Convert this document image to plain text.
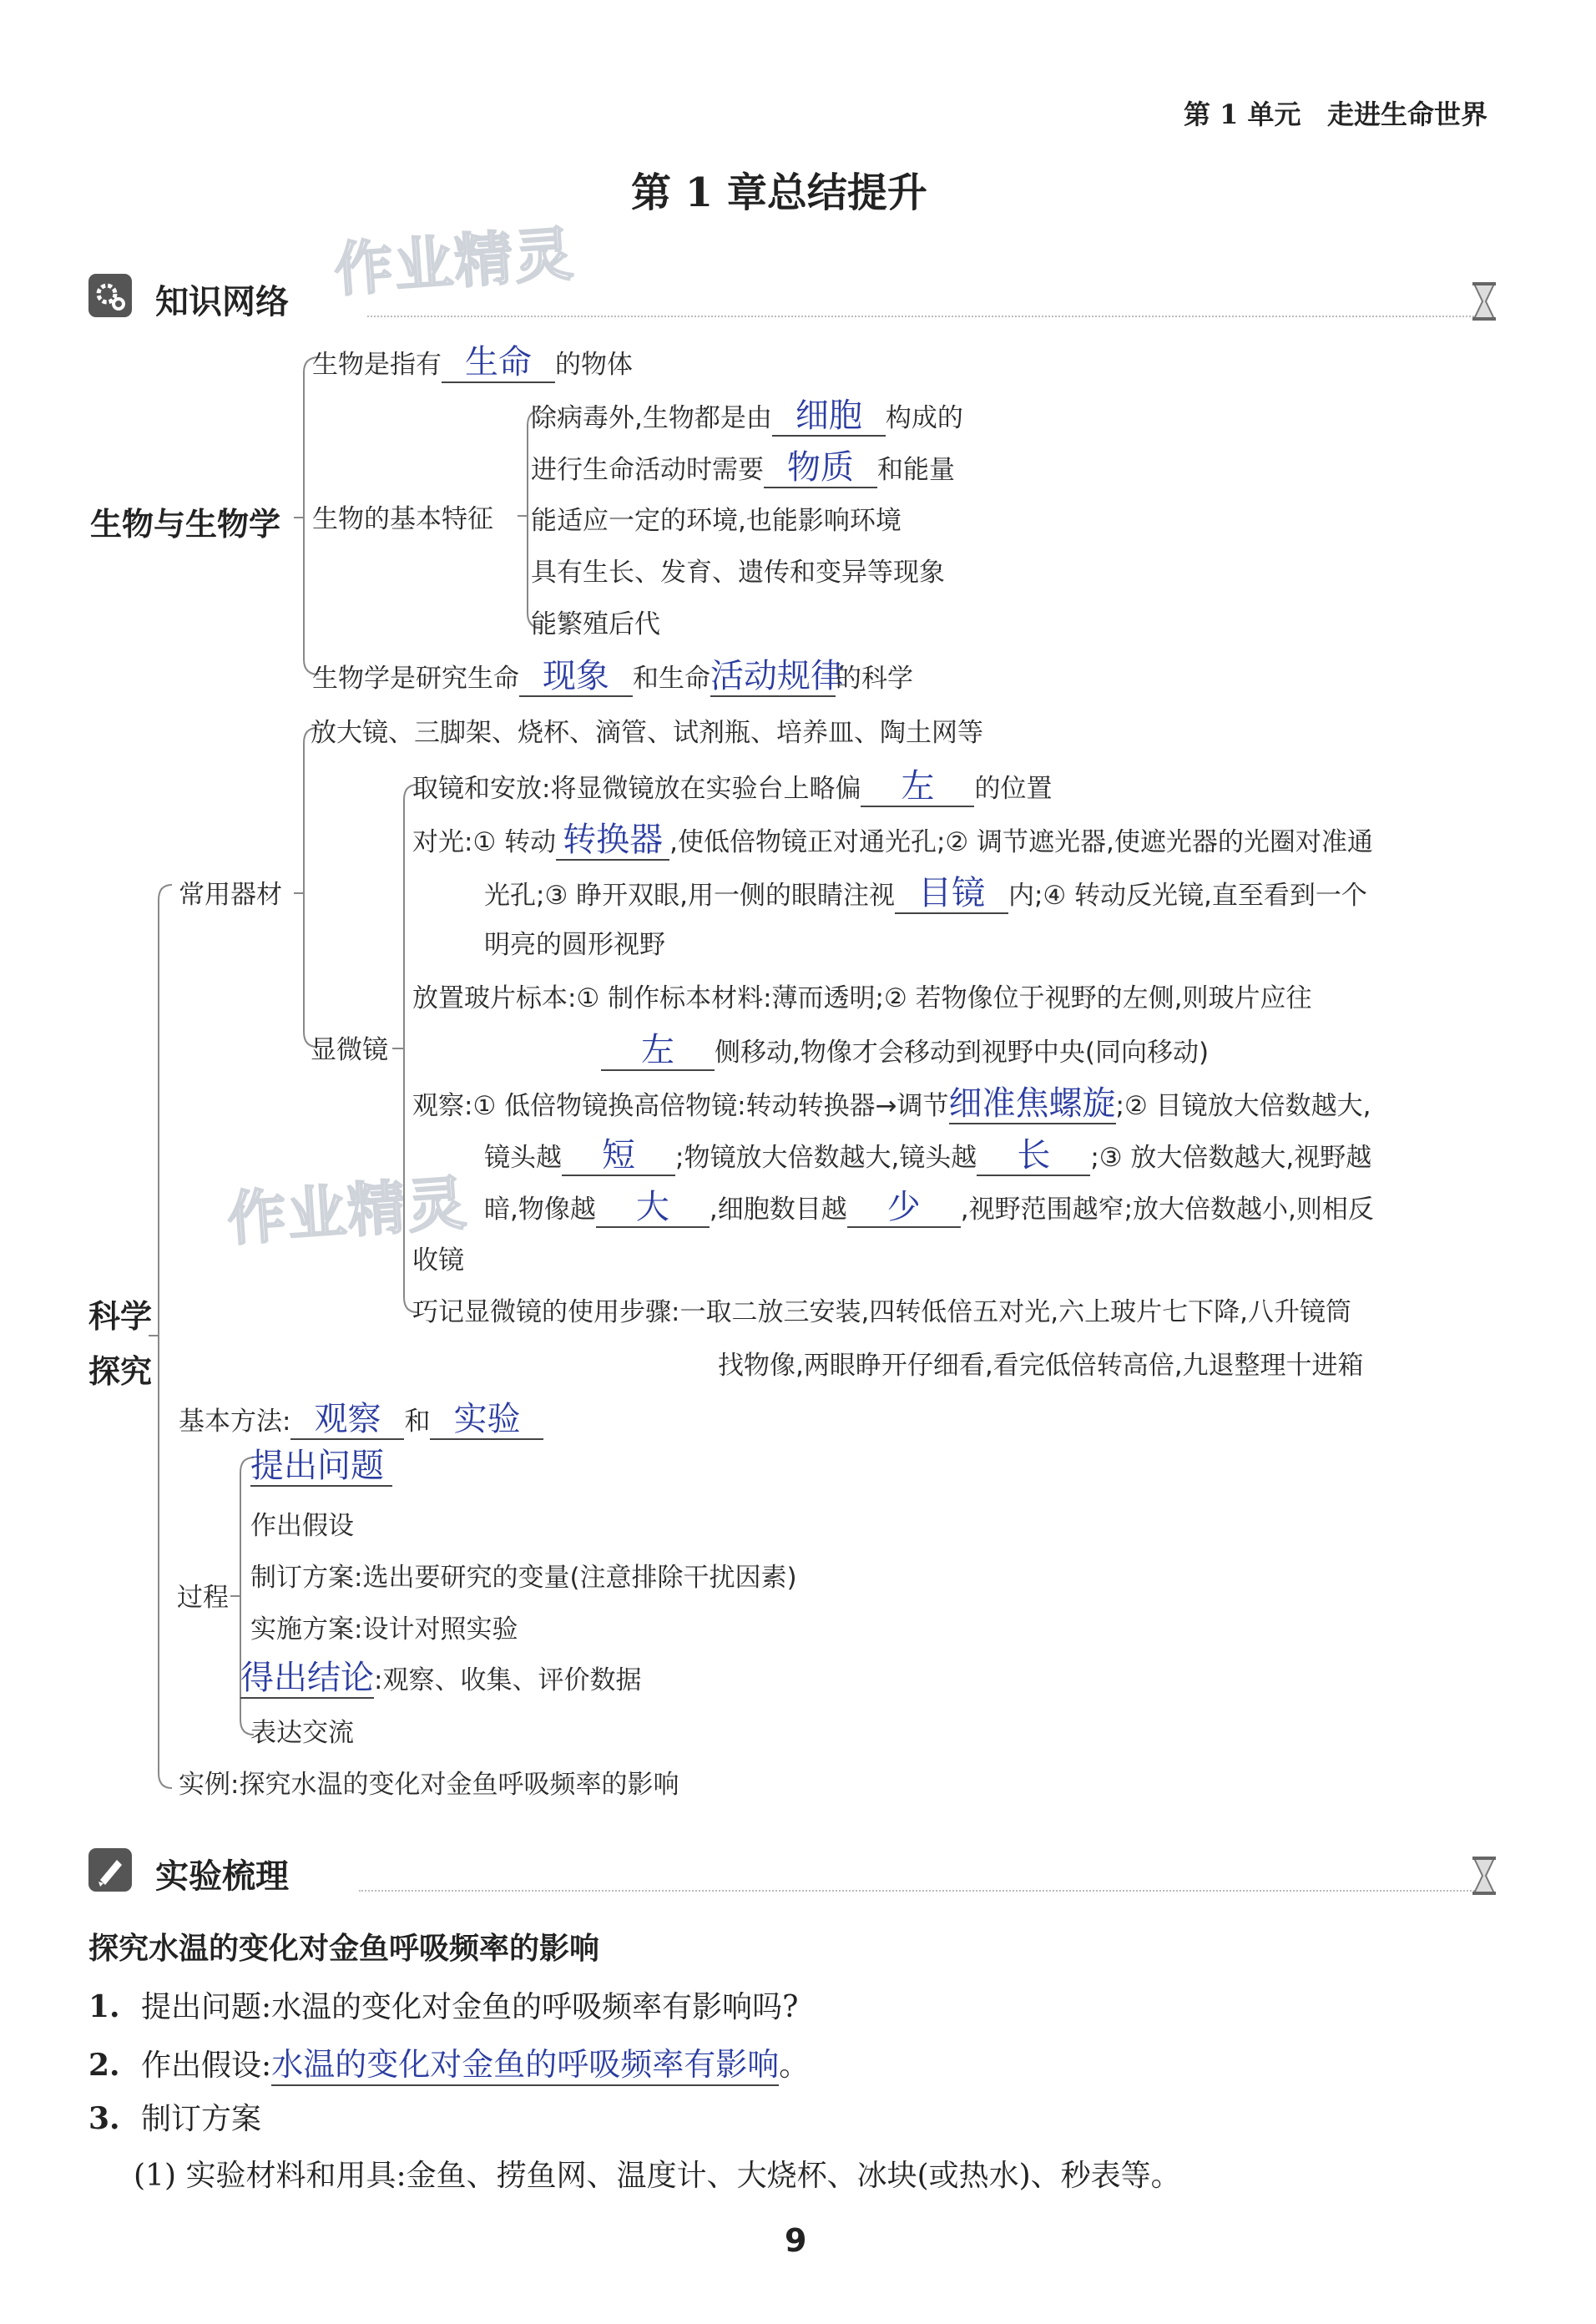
第 1 单元 走进生命世界
第 1 章总结提升
作业精灵
作业精灵
知识网络
生物与生物学
生物是指有 生命 的物体
生物的基本特征
除病毒外,生物都是由 细胞 构成的
进行生命活动时需要 物质 和能量
能适应一定的环境,也能影响环境
具有生长、发育、遗传和变异等现象
能繁殖后代
生物学是研究生命 现象 和生命活动规律的科学
科学
探究
放大镜、三脚架、烧杯、滴管、试剂瓶、培养皿、陶土网等
常用器材
显微镜
取镜和安放:将显微镜放在实验台上略偏 左 的位置
对光:① 转动 转换器 ,使低倍物镜正对通光孔;② 调节遮光器,使遮光器的光圈对准通
光孔;③ 睁开双眼,用一侧的眼睛注视 目镜 内;④ 转动反光镜,直至看到一个
明亮的圆形视野
放置玻片标本:① 制作标本材料:薄而透明;② 若物像位于视野的左侧,则玻片应往
左 侧移动,物像才会移动到视野中央(同向移动)
观察:① 低倍物镜换高倍物镜:转动转换器→调节细准焦螺旋;② 目镜放大倍数越大,
镜头越 短 ;物镜放大倍数越大,镜头越 长 ;③ 放大倍数越大,视野越
暗,物像越 大 ,细胞数目越 少 ,视野范围越窄;放大倍数越小,则相反
收镜
巧记显微镜的使用步骤:一取二放三安装,四转低倍五对光,六上玻片七下降,八升镜筒
找物像,两眼睁开仔细看,看完低倍转高倍,九退整理十进箱
基本方法: 观察 和 实验
过程
提出问题
作出假设
制订方案:选出要研究的变量(注意排除干扰因素)
实施方案:设计对照实验
得出结论:观察、收集、评价数据
表达交流
实例:探究水温的变化对金鱼呼吸频率的影响
实验梳理
探究水温的变化对金鱼呼吸频率的影响
1. 提出问题:水温的变化对金鱼的呼吸频率有影响吗?
2. 作出假设:水温的变化对金鱼的呼吸频率有影响。
3. 制订方案
(1) 实验材料和用具:金鱼、捞鱼网、温度计、大烧杯、冰块(或热水)、秒表等。
9
